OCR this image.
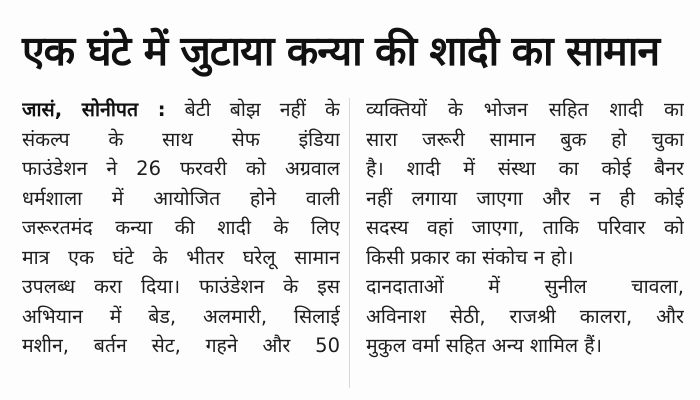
एक घंटे में जुटाया कन्या की शादी का सामान
जासं, सोनीपत : बेटी बोझ नहीं के
संकल्प के साथ सेफ इंडिया
फाउंडेशन ने 26 फरवरी को अग्रवाल
धर्मशाला में आयोजित होने वाली
जरूरतमंद कन्या की शादी के लिए
मात्र एक घंटे के भीतर घरेलू सामान
उपलब्ध करा दिया। फाउंडेशन के इस
अभियान में बेड, अलमारी, सिलाई
मशीन, बर्तन सेट, गहने और 50
व्यक्तियों के भोजन सहित शादी का
सारा जरूरी सामान बुक हो चुका
है। शादी में संस्था का कोई बैनर
नहीं लगाया जाएगा और न ही कोई
सदस्य वहां जाएगा, ताकि परिवार को
किसी प्रकार का संकोच न हो।
दानदाताओं में सुनील चावला,
अविनाश सेठी, राजश्री कालरा, और
मुकुल वर्मा सहित अन्य शामिल हैं।
